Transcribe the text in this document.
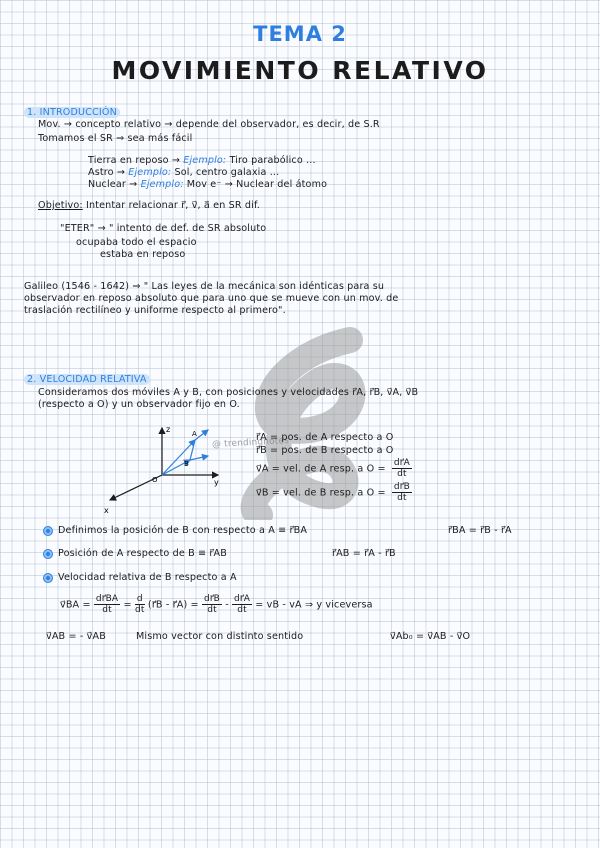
TEMA 2
MOVIMIENTO RELATIVO
@ trendingnotes
1. INTRODUCCIÓN
Mov. → concepto relativo → depende del observador, es decir, de S.R
Tomamos el SR ⇒ sea más fácil
Tierra en reposo → Ejemplo: Tiro parabólico ...
Astro → Ejemplo: Sol, centro galaxia ...
Nuclear → Ejemplo: Mov e⁻ → Nuclear del átomo
Objetivo: Intentar relacionar r⃗, v⃗, a⃗ en SR dif.
"ETER" → " intento de def. de SR absoluto
ocupaba todo el espacio
estaba en reposo
Galileo (1546 - 1642) ⇒ " Las leyes de la mecánica son idénticas para su
observador en reposo absoluto que para uno que se mueve con un mov. de
traslación rectilíneo y uniforme respecto al primero".
2. VELOCIDAD RELATIVA
Consideramos dos móviles A y B, con posiciones y velocidades r⃗A, r⃗B, v⃗A, v⃗B
(respecto a O) y un observador fijo en O.
z
y
x
A
B
O
r⃗A = pos. de A respecto a O
r⃗B = pos. de B respecto a O
v⃗A = vel. de A resp. a $O = \frac{dr⃗A}{dt}$
v⃗B = vel. de B resp. a $O = \frac{dr⃗B}{dt}$
Definimos la posición de B con respecto a A ≡ r⃗BA	r⃗BA = r⃗B - r⃗A
Posición de A respecto de B ≡ r⃗AB	r⃗AB = r⃗A - r⃗B
Velocidad relativa de B respecto a A
v⃗BA = $\frac{dr⃗BA}{dt} = \frac{d}{dt}$ (r⃗B - r⃗A) = $\frac{dr⃗B}{dt} - \frac{dr⃗A}{dt}$ = vB - vA ⇒ y viceversa
v⃗AB = - v⃗AB	Mismo vector con distinto sentido	v⃗Ab₀ = v⃗AB - v⃗O
